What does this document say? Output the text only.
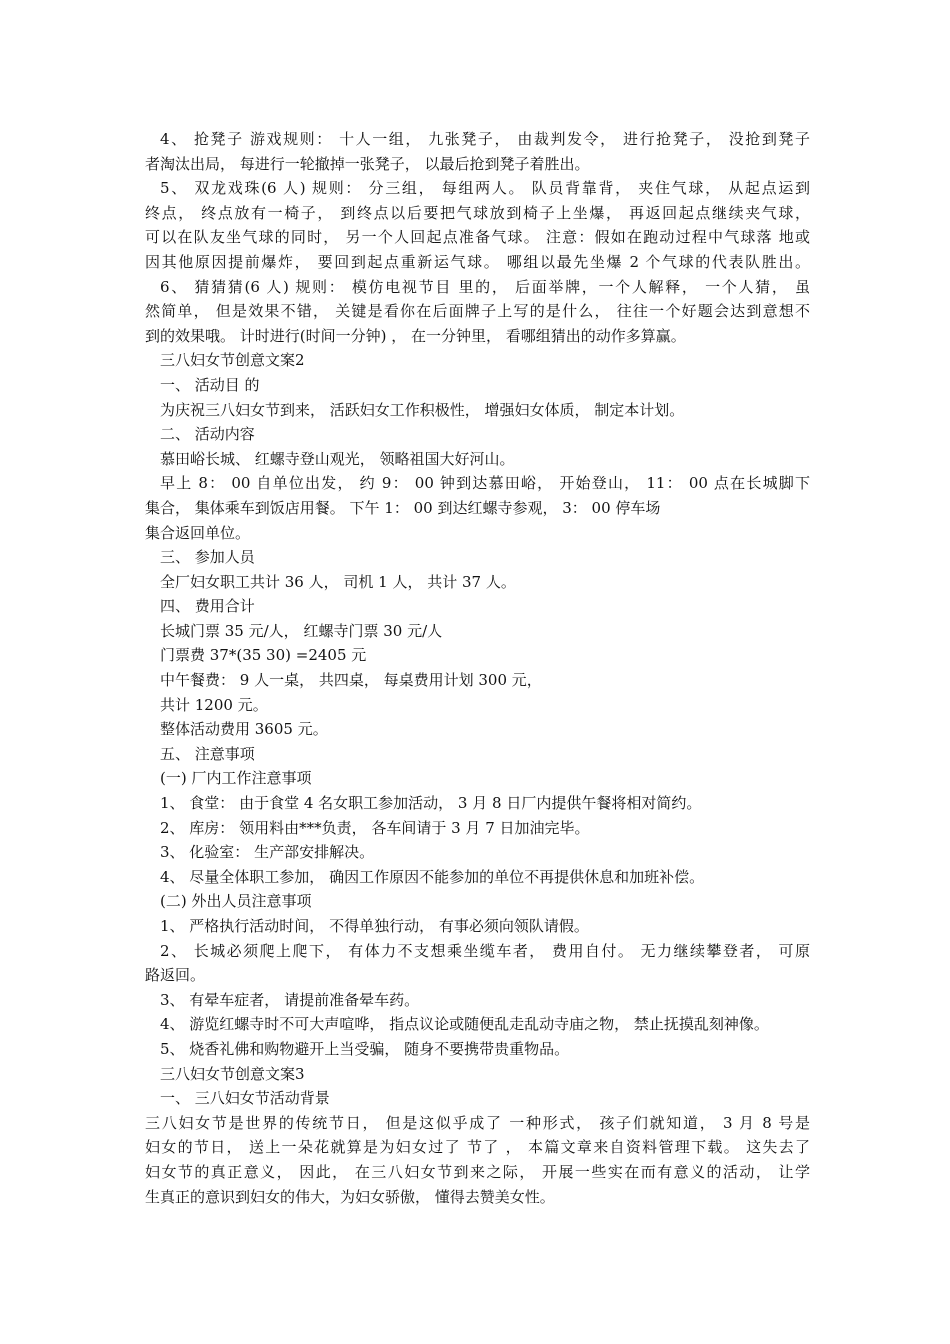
4、 抢凳子 游戏规则： 十人一组， 九张凳子， 由裁判发令， 进行抢凳子， 没抢到凳子
者淘汰出局， 每进行一轮撤掉一张凳子， 以最后抢到凳子着胜出。
5、 双龙戏珠(6 人) 规则： 分三组， 每组两人。 队员背靠背， 夹住气球， 从起点运到
终点， 终点放有一椅子， 到终点以后要把气球放到椅子上坐爆， 再返回起点继续夹气球，
可以在队友坐气球的同时， 另一个人回起点准备气球。 注意：假如在跑动过程中气球落 地或
因其他原因提前爆炸， 要回到起点重新运气球。 哪组以最先坐爆 2 个气球的代表队胜出。
6、 猜猜猜(6 人) 规则： 模仿电视节目 里的， 后面举牌，一个人解释， 一个人猜， 虽
然简单， 但是效果不错， 关键是看你在后面牌子上写的是什么， 往往一个好题会达到意想不
到的效果哦。 计时进行(时间一分钟) ， 在一分钟里， 看哪组猜出的动作多算赢。
三八妇女节创意文案2
一、 活动目 的
为庆祝三八妇女节到来， 活跃妇女工作积极性， 增强妇女体质， 制定本计划。
二、 活动内容
慕田峪长城、 红螺寺登山观光， 领略祖国大好河山。
早上 8： 00 自单位出发， 约 9： 00 钟到达慕田峪， 开始登山， 11： 00 点在长城脚下
集合， 集体乘车到饭店用餐。 下午 1： 00 到达红螺寺参观， 3： 00 停车场
集合返回单位。
三、 参加人员
全厂妇女职工共计 36 人， 司机 1 人， 共计 37 人。
四、 费用合计
长城门票 35 元/人， 红螺寺门票 30 元/人
门票费 37*(35 30) =2405 元
中午餐费： 9 人一桌， 共四桌， 每桌费用计划 300 元，
共计 1200 元。
整体活动费用 3605 元。
五、 注意事项
(一) 厂内工作注意事项
1、 食堂： 由于食堂 4 名女职工参加活动， 3 月 8 日厂内提供午餐将相对简约。
2、 库房： 领用料由***负责， 各车间请于 3 月 7 日加油完毕。
3、 化验室： 生产部安排解决。
4、 尽量全体职工参加， 确因工作原因不能参加的单位不再提供休息和加班补偿。
(二) 外出人员注意事项
1、 严格执行活动时间， 不得单独行动， 有事必须向领队请假。
2、 长城必须爬上爬下， 有体力不支想乘坐缆车者， 费用自付。 无力继续攀登者， 可原
路返回。
3、 有晕车症者， 请提前准备晕车药。
4、 游览红螺寺时不可大声喧哗， 指点议论或随便乱走乱动寺庙之物， 禁止抚摸乱刻神像。
5、 烧香礼佛和购物避开上当受骗， 随身不要携带贵重物品。
三八妇女节创意文案3
一、 三八妇女节活动背景
三八妇女节是世界的传统节日， 但是这似乎成了 一种形式， 孩子们就知道， 3 月 8 号是
妇女的节日， 送上一朵花就算是为妇女过了 节了 ， 本篇文章来自资料管理下载。 这失去了
妇女节的真正意义， 因此， 在三八妇女节到来之际， 开展一些实在而有意义的活动， 让学
生真正的意识到妇女的伟大，为妇女骄傲， 懂得去赞美女性。
